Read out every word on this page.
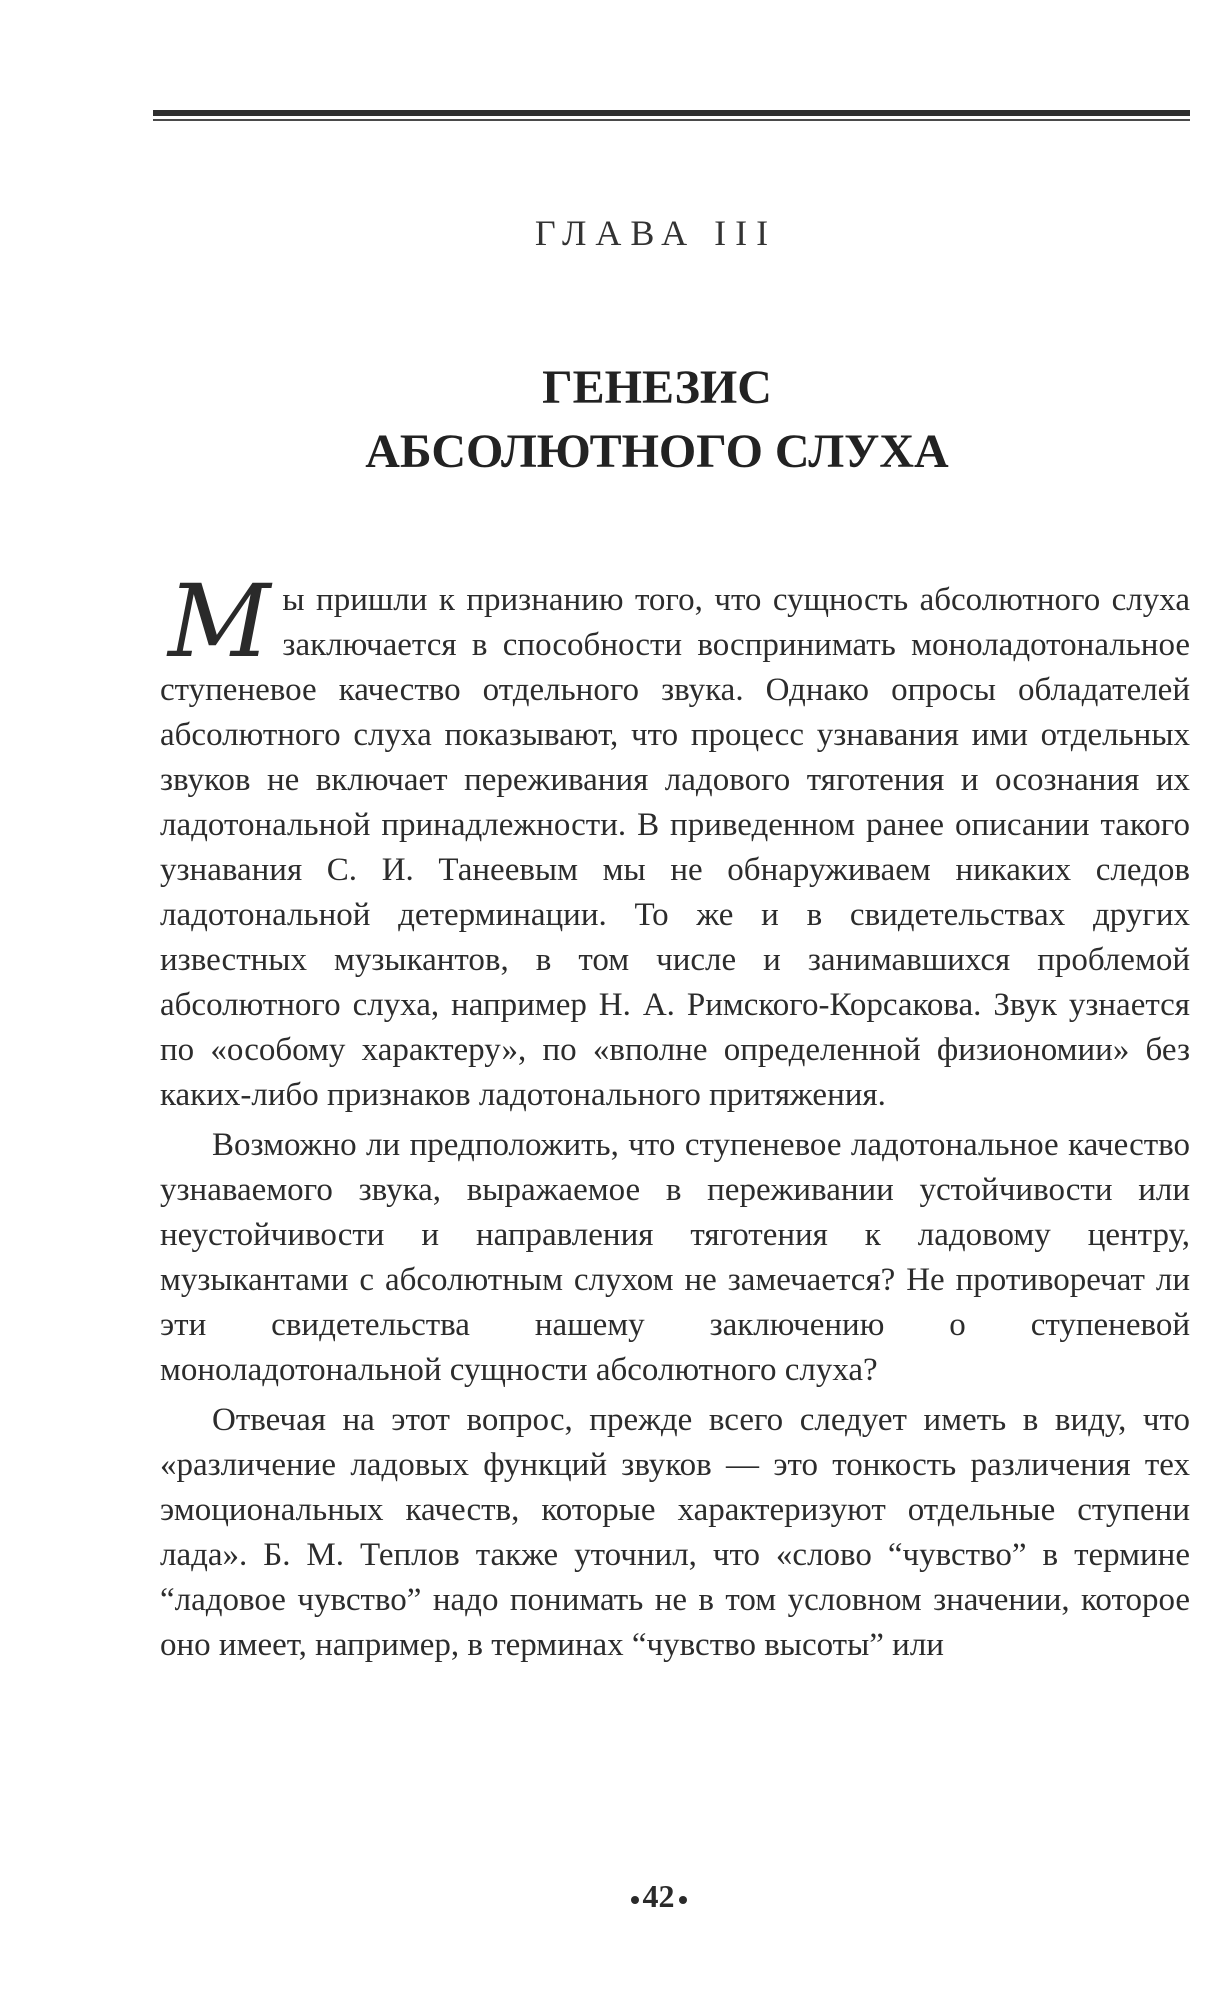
ГЛАВА III
ГЕНЕЗИС
АБСОЛЮТНОГО СЛУХА

Мы пришли к признанию того, что сущность абсолютного слуха заключается в способности воспринимать моноладотональное ступеневое качество отдельного звука. Однако опросы обладателей абсолютного слуха показывают, что процесс узнавания ими отдельных звуков не включает переживания ладового тяготения и осознания их ладотональной принадлежности. В приведенном ранее описании такого узнавания С. И. Танеевым мы не обнаруживаем никаких следов ладотональной детерминации. То же и в свидетельствах других известных музыкантов, в том числе и занимавшихся проблемой абсолютного слуха, например Н. А. Римского-Корсакова. Звук узнается по «особому характеру», по «вполне определенной физиономии» без каких-либо признаков ладотонального притяжения.

Возможно ли предположить, что ступеневое ладотональное качество узнаваемого звука, выражаемое в переживании устойчивости или неустойчивости и направления тяготения к ладовому центру, музыкантами с абсолютным слухом не замечается? Не противоречат ли эти свидетельства нашему заключению о ступеневой моноладотональной сущности абсолютного слуха?

Отвечая на этот вопрос, прежде всего следует иметь в виду, что «различение ладовых функций звуков — это тонкость различения тех эмоциональных качеств, которые характеризуют отдельные ступени лада». Б. М. Теплов также уточнил, что «слово “чувство” в термине “ладовое чувство” надо понимать не в том условном значении, которое оно имеет, например, в терминах “чувство высоты” или

42
